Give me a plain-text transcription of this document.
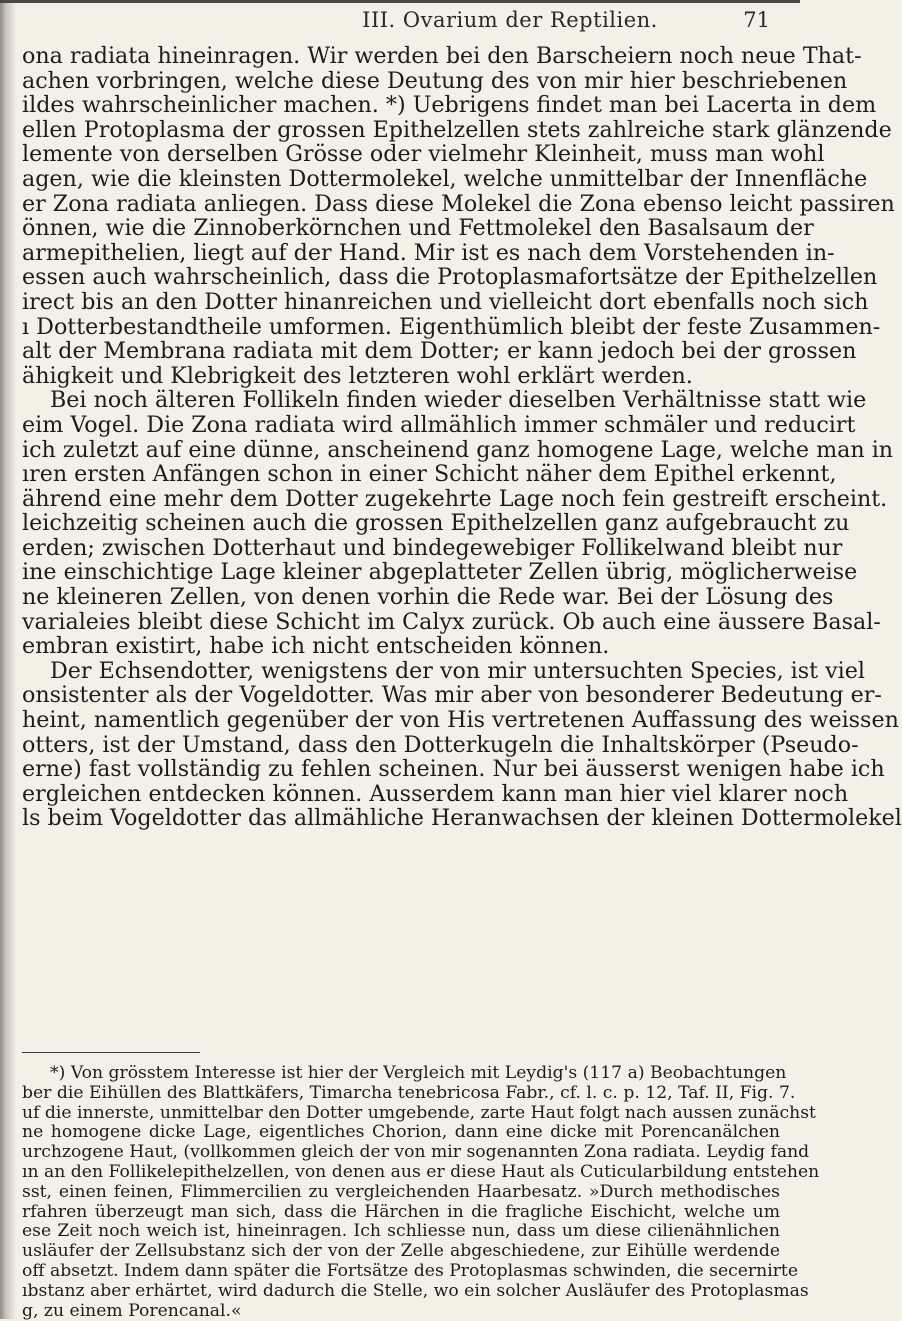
III. Ovarium der Reptilien.	71

ona radiata hineinragen. Wir werden bei den Barscheiern noch neue That-

achen vorbringen, welche diese Deutung des von mir hier beschriebenen

ildes wahrscheinlicher machen. *) Uebrigens findet man bei Lacerta in dem

ellen Protoplasma der grossen Epithelzellen stets zahlreiche stark glänzende

lemente von derselben Grösse oder vielmehr Kleinheit, muss man wohl

agen, wie die kleinsten Dottermolekel, welche unmittelbar der Innenfläche

er Zona radiata anliegen. Dass diese Molekel die Zona ebenso leicht passiren

önnen, wie die Zinnoberkörnchen und Fettmolekel den Basalsaum der

armepithelien, liegt auf der Hand. Mir ist es nach dem Vorstehenden in-

essen auch wahrscheinlich, dass die Protoplasmafortsätze der Epithelzellen

irect bis an den Dotter hinanreichen und vielleicht dort ebenfalls noch sich

ı Dotterbestandtheile umformen. Eigenthümlich bleibt der feste Zusammen-

alt der Membrana radiata mit dem Dotter; er kann jedoch bei der grossen

ähigkeit und Klebrigkeit des letzteren wohl erklärt werden.

Bei noch älteren Follikeln finden wieder dieselben Verhältnisse statt wie

eim Vogel. Die Zona radiata wird allmählich immer schmäler und reducirt

ich zuletzt auf eine dünne, anscheinend ganz homogene Lage, welche man in

ıren ersten Anfängen schon in einer Schicht näher dem Epithel erkennt,

ährend eine mehr dem Dotter zugekehrte Lage noch fein gestreift erscheint.

leichzeitig scheinen auch die grossen Epithelzellen ganz aufgebraucht zu

erden; zwischen Dotterhaut und bindegewebiger Follikelwand bleibt nur

ine einschichtige Lage kleiner abgeplatteter Zellen übrig, möglicherweise

ne kleineren Zellen, von denen vorhin die Rede war. Bei der Lösung des

varialeies bleibt diese Schicht im Calyx zurück. Ob auch eine äussere Basal-

embran existirt, habe ich nicht entscheiden können.

Der Echsendotter, wenigstens der von mir untersuchten Species, ist viel

onsistenter als der Vogeldotter. Was mir aber von besonderer Bedeutung er-

heint, namentlich gegenüber der von His vertretenen Auffassung des weissen

otters, ist der Umstand, dass den Dotterkugeln die Inhaltskörper (Pseudo-

erne) fast vollständig zu fehlen scheinen. Nur bei äusserst wenigen habe ich

ergleichen entdecken können. Ausserdem kann man hier viel klarer noch

ls beim Vogeldotter das allmähliche Heranwachsen der kleinen Dottermolekel

*) Von grösstem Interesse ist hier der Vergleich mit Leydig's (117 a) Beobachtungen

ber die Eihüllen des Blattkäfers, Timarcha tenebricosa Fabr., cf. l. c. p. 12, Taf. II, Fig. 7.

uf die innerste, unmittelbar den Dotter umgebende, zarte Haut folgt nach aussen zunächst

ne homogene dicke Lage, eigentliches Chorion, dann eine dicke mit Porencanälchen

urchzogene Haut, (vollkommen gleich der von mir sogenannten Zona radiata. Leydig fand

ın an den Follikelepithelzellen, von denen aus er diese Haut als Cuticularbildung entstehen

sst, einen feinen, Flimmercilien zu vergleichenden Haarbesatz. »Durch methodisches

rfahren überzeugt man sich, dass die Härchen in die fragliche Eischicht, welche um

ese Zeit noch weich ist, hineinragen. Ich schliesse nun, dass um diese cilienähnlichen

usläufer der Zellsubstanz sich der von der Zelle abgeschiedene, zur Eihülle werdende

off absetzt. Indem dann später die Fortsätze des Protoplasmas schwinden, die secernirte

ıbstanz aber erhärtet, wird dadurch die Stelle, wo ein solcher Ausläufer des Protoplasmas

g, zu einem Porencanal.«
